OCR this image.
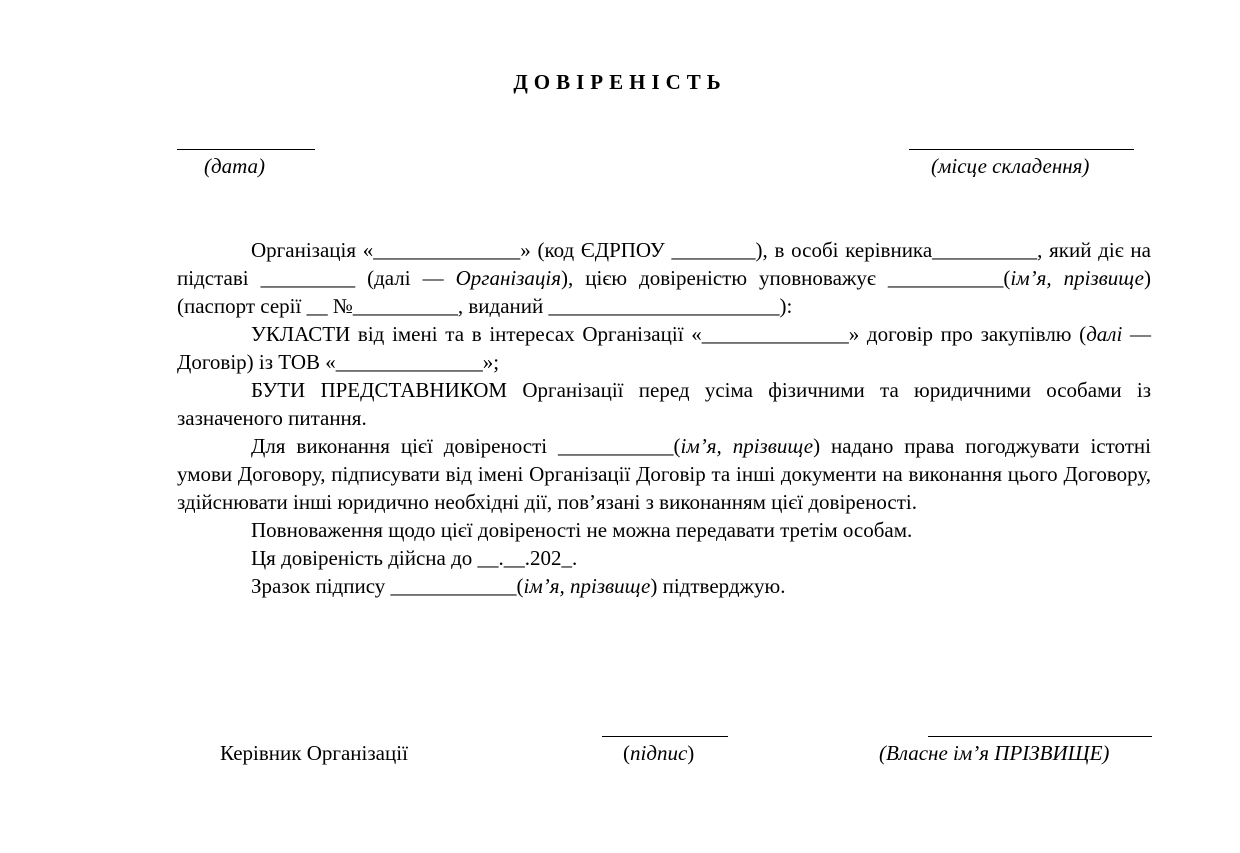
ДОВІРЕНІСТЬ
(дата)	(місце складення)

Організація «______________» (код ЄДРПОУ ________), в особі керівника__________, який діє на підставі _________ (далі — Організація), цією довіреністю уповноважує ___________(ім’я, прізвище) (паспорт серії __ №__________, виданий ______________________):

УКЛАСТИ від імені та в інтересах Організації «______________» договір про закупівлю (далі — Договір) із ТОВ «______________»;

БУТИ ПРЕДСТАВНИКОМ Організації перед усіма фізичними та юридичними особами із зазначеного питання.

Для виконання цієї довіреності ___________(ім’я, прізвище) надано права погоджувати істотні умови Договору, підписувати від імені Організації Договір та інші документи на виконання цього Договору, здійснювати інші юридично необхідні дії, пов’язані з виконанням цієї довіреності.

Повноваження щодо цієї довіреності не можна передавати третім особам.

Ця довіреність дійсна до __.__.202_.

Зразок підпису ____________(ім’я, прізвище) підтверджую.

Керівник Організації	(підпис)	(Власне ім’я ПРІЗВИЩЕ)
